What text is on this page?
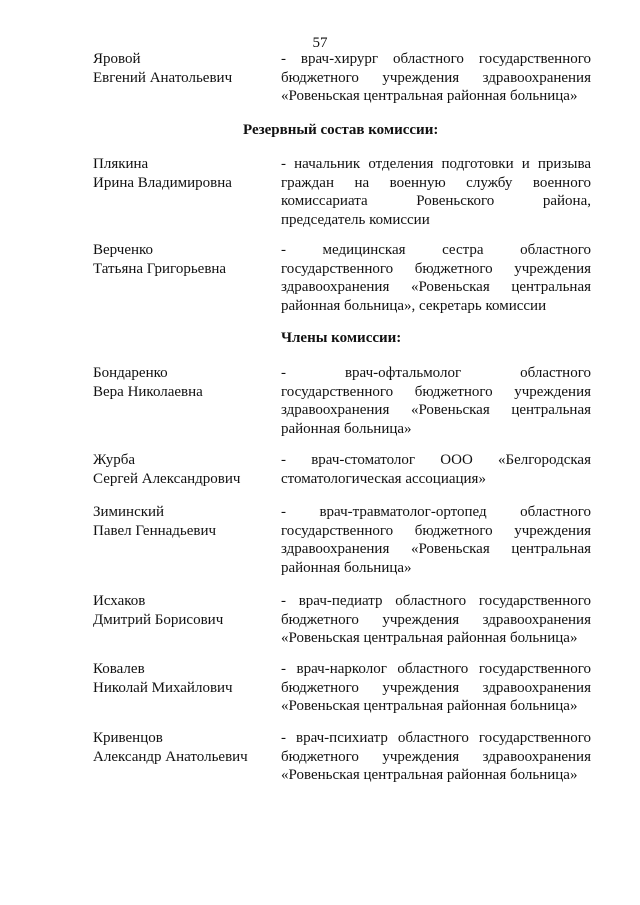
57
Резервный состав комиссии:
Члены комиссии:
Яровой
Евгений Анатольевич
- врач-хирург областного государственного
бюджетного учреждения здравоохранения
«Ровеньская центральная районная больница»
Плякина
Ирина Владимировна
- начальник отделения подготовки и призыва
граждан на военную службу военного
комиссариата Ровеньского района,
председатель комиссии
Верченко
Татьяна Григорьевна
- медицинская сестра областного
государственного бюджетного учреждения
здравоохранения «Ровеньская центральная
районная больница», секретарь комиссии
Бондаренко
Вера Николаевна
- врач-офтальмолог областного
государственного бюджетного учреждения
здравоохранения «Ровеньская центральная
районная больница»
Журба
Сергей Александрович
- врач-стоматолог ООО «Белгородская
стоматологическая ассоциация»
Зиминский
Павел Геннадьевич
- врач-травматолог-ортопед областного
государственного бюджетного учреждения
здравоохранения «Ровеньская центральная
районная больница»
Исхаков
Дмитрий Борисович
- врач-педиатр областного государственного
бюджетного учреждения здравоохранения
«Ровеньская центральная районная больница»
Ковалев
Николай Михайлович
- врач-нарколог областного государственного
бюджетного учреждения здравоохранения
«Ровеньская центральная районная больница»
Кривенцов
Александр Анатольевич
- врач-психиатр областного государственного
бюджетного учреждения здравоохранения
«Ровеньская центральная районная больница»
